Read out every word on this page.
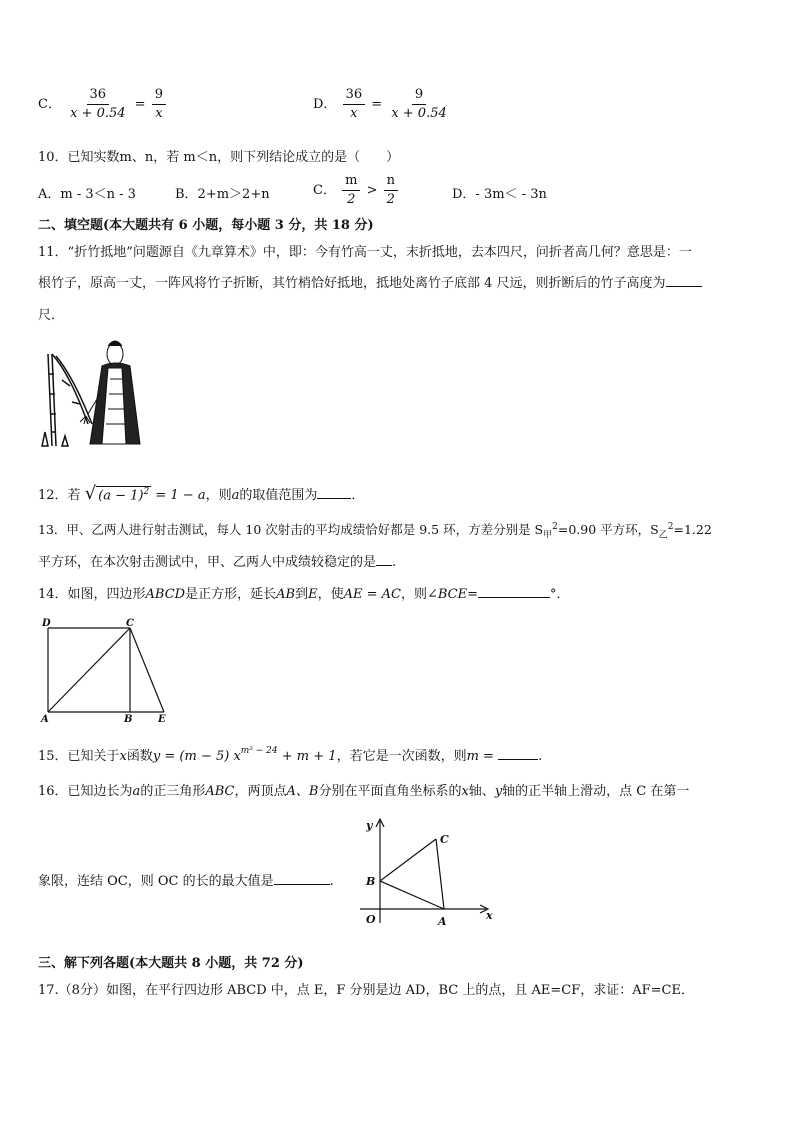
C． $\frac{36}{x + 0.54} = \frac{9}{x}$	D． $\frac{36}{x} = \frac{9}{x + 0.54}$
10．已知实数m、n，若 m＜n，则下列结论成立的是（　　）
A．m - 3＜n - 3	B．2+m＞2+n	C． $\frac{m}{2} > \frac{n}{2}$	D．- 3m＜ - 3n
二、填空题(本大题共有 6 小题，每小题 3 分，共 18 分)
11．“折竹抵地”问题源自《九章算术》中，即：今有竹高一丈，末折抵地，去本四尺，问折者高几何？意思是：一
根竹子，原高一丈，一阵风将竹子折断，其竹梢恰好抵地，抵地处离竹子底部 4 尺远，则折断后的竹子高度为
尺．
12．若 √ $(a - 1)^2 = 1 - a$，则a的取值范围为	．
13．甲、乙两人进行射击测试，每人 10 次射击的平均成绩恰好都是 9.5 环，方差分别是 $S_甲^2=0.90$ 平方环，$S_乙^2=1.22$
平方环，在本次射击测试中，甲、乙两人中成绩较稳定的是 .
14．如图，四边形ABCD是正方形，延长AB到E，使AE = AC，则∠BCE=	°．
D	C
A	B	E
15．已知关于x函数y = (m − 5) $x^{m^2 - 24} + m + 1$，若它是一次函数，则m =	.
16．已知边长为a的正三角形ABC，两顶点A、B分别在平面直角坐标系的x轴、y轴的正半轴上滑动，点 C 在第一
象限，连结 OC，则 OC 的长的最大值是	.
y
x
O	A
B
C
三、解下列各题(本大题共 8 小题，共 72 分)
17.（8分）如图，在平行四边形 ABCD 中，点 E，F 分别是边 AD，BC 上的点，且 AE=CF，求证：AF=CE．
